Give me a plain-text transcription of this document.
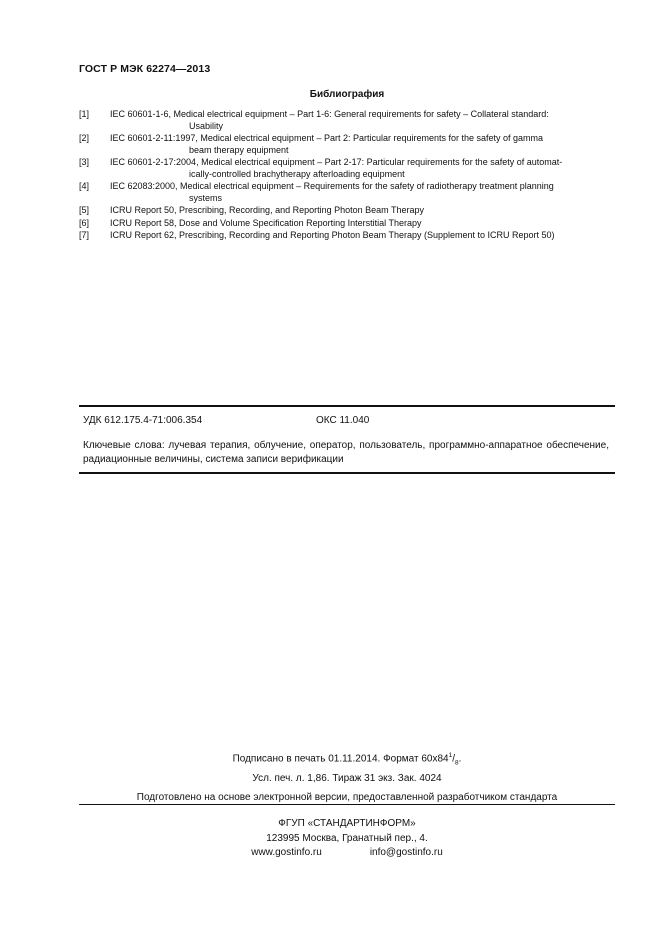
ГОСТ Р МЭК 62274—2013
Библиография
[1] IEC 60601-1-6, Medical electrical equipment – Part 1-6: General requirements for safety – Collateral standard:
Usability
[2] IEC 60601-2-11:1997, Medical electrical equipment – Part 2: Particular requirements for the safety of gamma
beam therapy equipment
[3] IEC 60601-2-17:2004, Medical electrical equipment – Part 2-17: Particular requirements for the safety of automat-
ically-controlled brachytherapy afterloading equipment
[4] IEC 62083:2000, Medical electrical equipment – Requirements for the safety of radiotherapy treatment planning
systems
[5] ICRU Report 50, Prescribing, Recording, and Reporting Photon Beam Therapy
[6] ICRU Report 58, Dose and Volume Specification Reporting Interstitial Therapy
[7] ICRU Report 62, Prescribing, Recording and Reporting Photon Beam Therapy (Supplement to ICRU Report 50)
УДК 612.175.4-71:006.354	ОКС 11.040
Ключевые слова: лучевая терапия, облучение, оператор, пользователь, программно-аппаратное обеспечение, радиационные величины, система записи верификации
Подписано в печать 01.11.2014. Формат $60х84^1/_8$.
Усл. печ. л. 1,86. Тираж 31 экз. Зак. 4024
Подготовлено на основе электронной версии, предоставленной разработчиком стандарта
ФГУП «СТАНДАРТИНФОРМ»
123995 Москва, Гранатный пер., 4.
www.gostinfo.ru	info@gostinfo.ru
